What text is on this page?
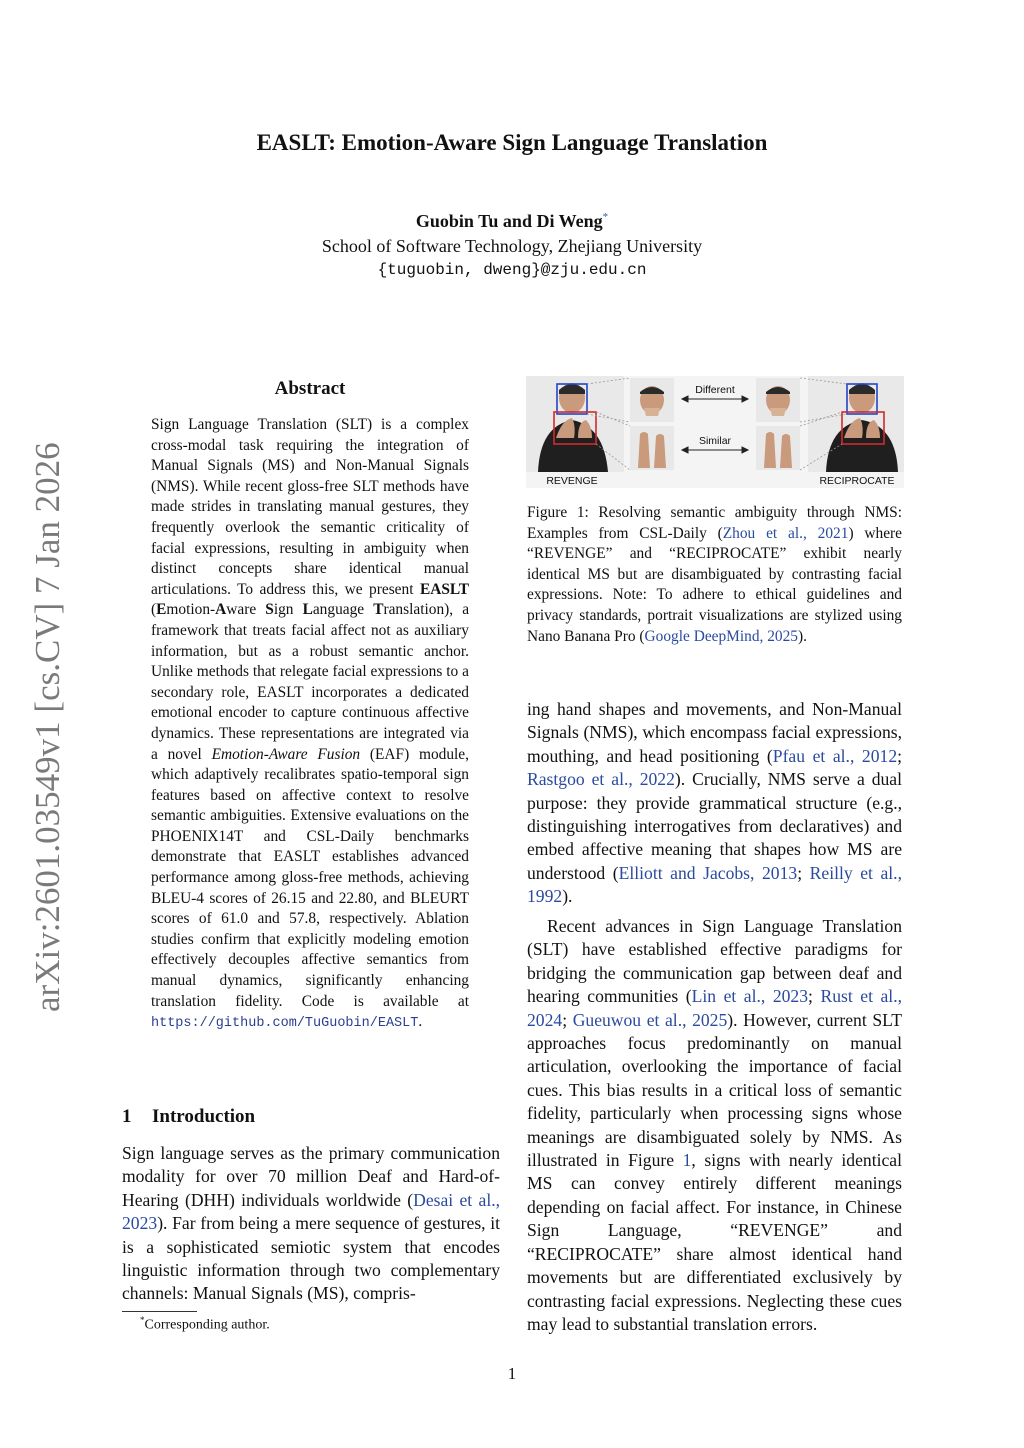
arXiv:2601.03549v1 [cs.CV] 7 Jan 2026
EASLT: Emotion-Aware Sign Language Translation
Guobin Tu and Di Weng*
School of Software Technology, Zhejiang University
{tuguobin, dweng}@zju.edu.cn
Abstract
Sign Language Translation (SLT) is a complex cross-modal task requiring the integration of Manual Signals (MS) and Non-Manual Signals (NMS). While recent gloss-free SLT methods have made strides in translating manual gestures, they frequently overlook the semantic criticality of facial expressions, resulting in ambiguity when distinct concepts share identical manual articulations. To address this, we present EASLT (Emotion-Aware Sign Language Translation), a framework that treats facial affect not as auxiliary information, but as a robust semantic anchor. Unlike methods that relegate facial expressions to a secondary role, EASLT incorporates a dedicated emotional encoder to capture continuous affective dynamics. These representations are integrated via a novel Emotion-Aware Fusion (EAF) module, which adaptively recalibrates spatio-temporal sign features based on affective context to resolve semantic ambiguities. Extensive evaluations on the PHOENIX14T and CSL-Daily benchmarks demonstrate that EASLT establishes advanced performance among gloss-free methods, achieving BLEU-4 scores of 26.15 and 22.80, and BLEURT scores of 61.0 and 57.8, respectively. Ablation studies confirm that explicitly modeling emotion effectively decouples affective semantics from manual dynamics, significantly enhancing translation fidelity. Code is available at https://github.com/TuGuobin/EASLT.
1 Introduction
Sign language serves as the primary communication modality for over 70 million Deaf and Hard-of-Hearing (DHH) individuals worldwide (Desai et al., 2023). Far from being a mere sequence of gestures, it is a sophisticated semiotic system that encodes linguistic information through two complementary channels: Manual Signals (MS), compris-
*Corresponding author.
Different
Similar
REVENGE	RECIPROCATE
Figure 1: Resolving semantic ambiguity through NMS: Examples from CSL-Daily (Zhou et al., 2021) where “REVENGE” and “RECIPROCATE” exhibit nearly identical MS but are disambiguated by contrasting facial expressions. Note: To adhere to ethical guidelines and privacy standards, portrait visualizations are stylized using Nano Banana Pro (Google DeepMind, 2025).
ing hand shapes and movements, and Non-Manual Signals (NMS), which encompass facial expressions, mouthing, and head positioning (Pfau et al., 2012; Rastgoo et al., 2022). Crucially, NMS serve a dual purpose: they provide grammatical structure (e.g., distinguishing interrogatives from declaratives) and embed affective meaning that shapes how MS are understood (Elliott and Jacobs, 2013; Reilly et al., 1992).
Recent advances in Sign Language Translation (SLT) have established effective paradigms for bridging the communication gap between deaf and hearing communities (Lin et al., 2023; Rust et al., 2024; Gueuwou et al., 2025). However, current SLT approaches focus predominantly on manual articulation, overlooking the importance of facial cues. This bias results in a critical loss of semantic fidelity, particularly when processing signs whose meanings are disambiguated solely by NMS. As illustrated in Figure 1, signs with nearly identical MS can convey entirely different meanings depending on facial affect. For instance, in Chinese Sign Language, “REVENGE” and “RECIPROCATE” share almost identical hand movements but are differentiated exclusively by contrasting facial expressions. Neglecting these cues may lead to substantial translation errors.
1
